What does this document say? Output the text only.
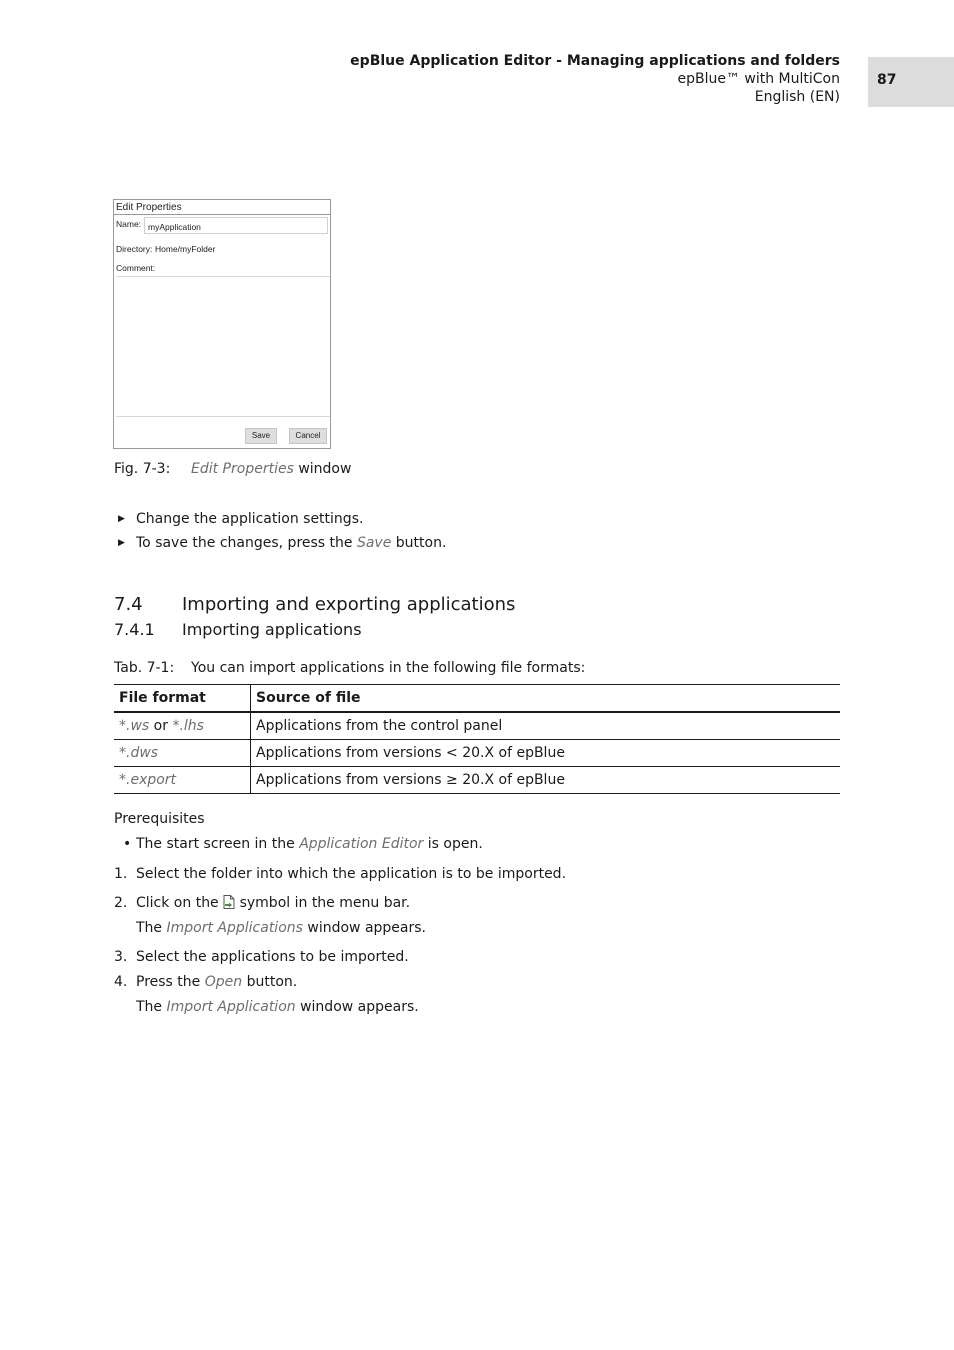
epBlue Application Editor - Managing applications and folders
epBlue™ with MultiCon
English (EN)
87
Edit Properties
Name: myApplication
Directory: Home/myFolder
Comment:
Save	Cancel
Fig. 7-3: Edit Properties window
▶ Change the application settings.
▶ To save the changes, press the Save button.
7.4 Importing and exporting applications
7.4.1 Importing applications
Tab. 7-1: You can import applications in the following file formats:
File format	Source of file
*.ws or *.lhs	Applications from the control panel
*.dws	Applications from versions < 20.X of epBlue
*.export	Applications from versions ≥ 20.X of epBlue
Prerequisites
• The start screen in the Application Editor is open.
1. Select the folder into which the application is to be imported.
2. Click on the symbol in the menu bar.
The Import Applications window appears.
3. Select the applications to be imported.
4. Press the Open button.
The Import Application window appears.
